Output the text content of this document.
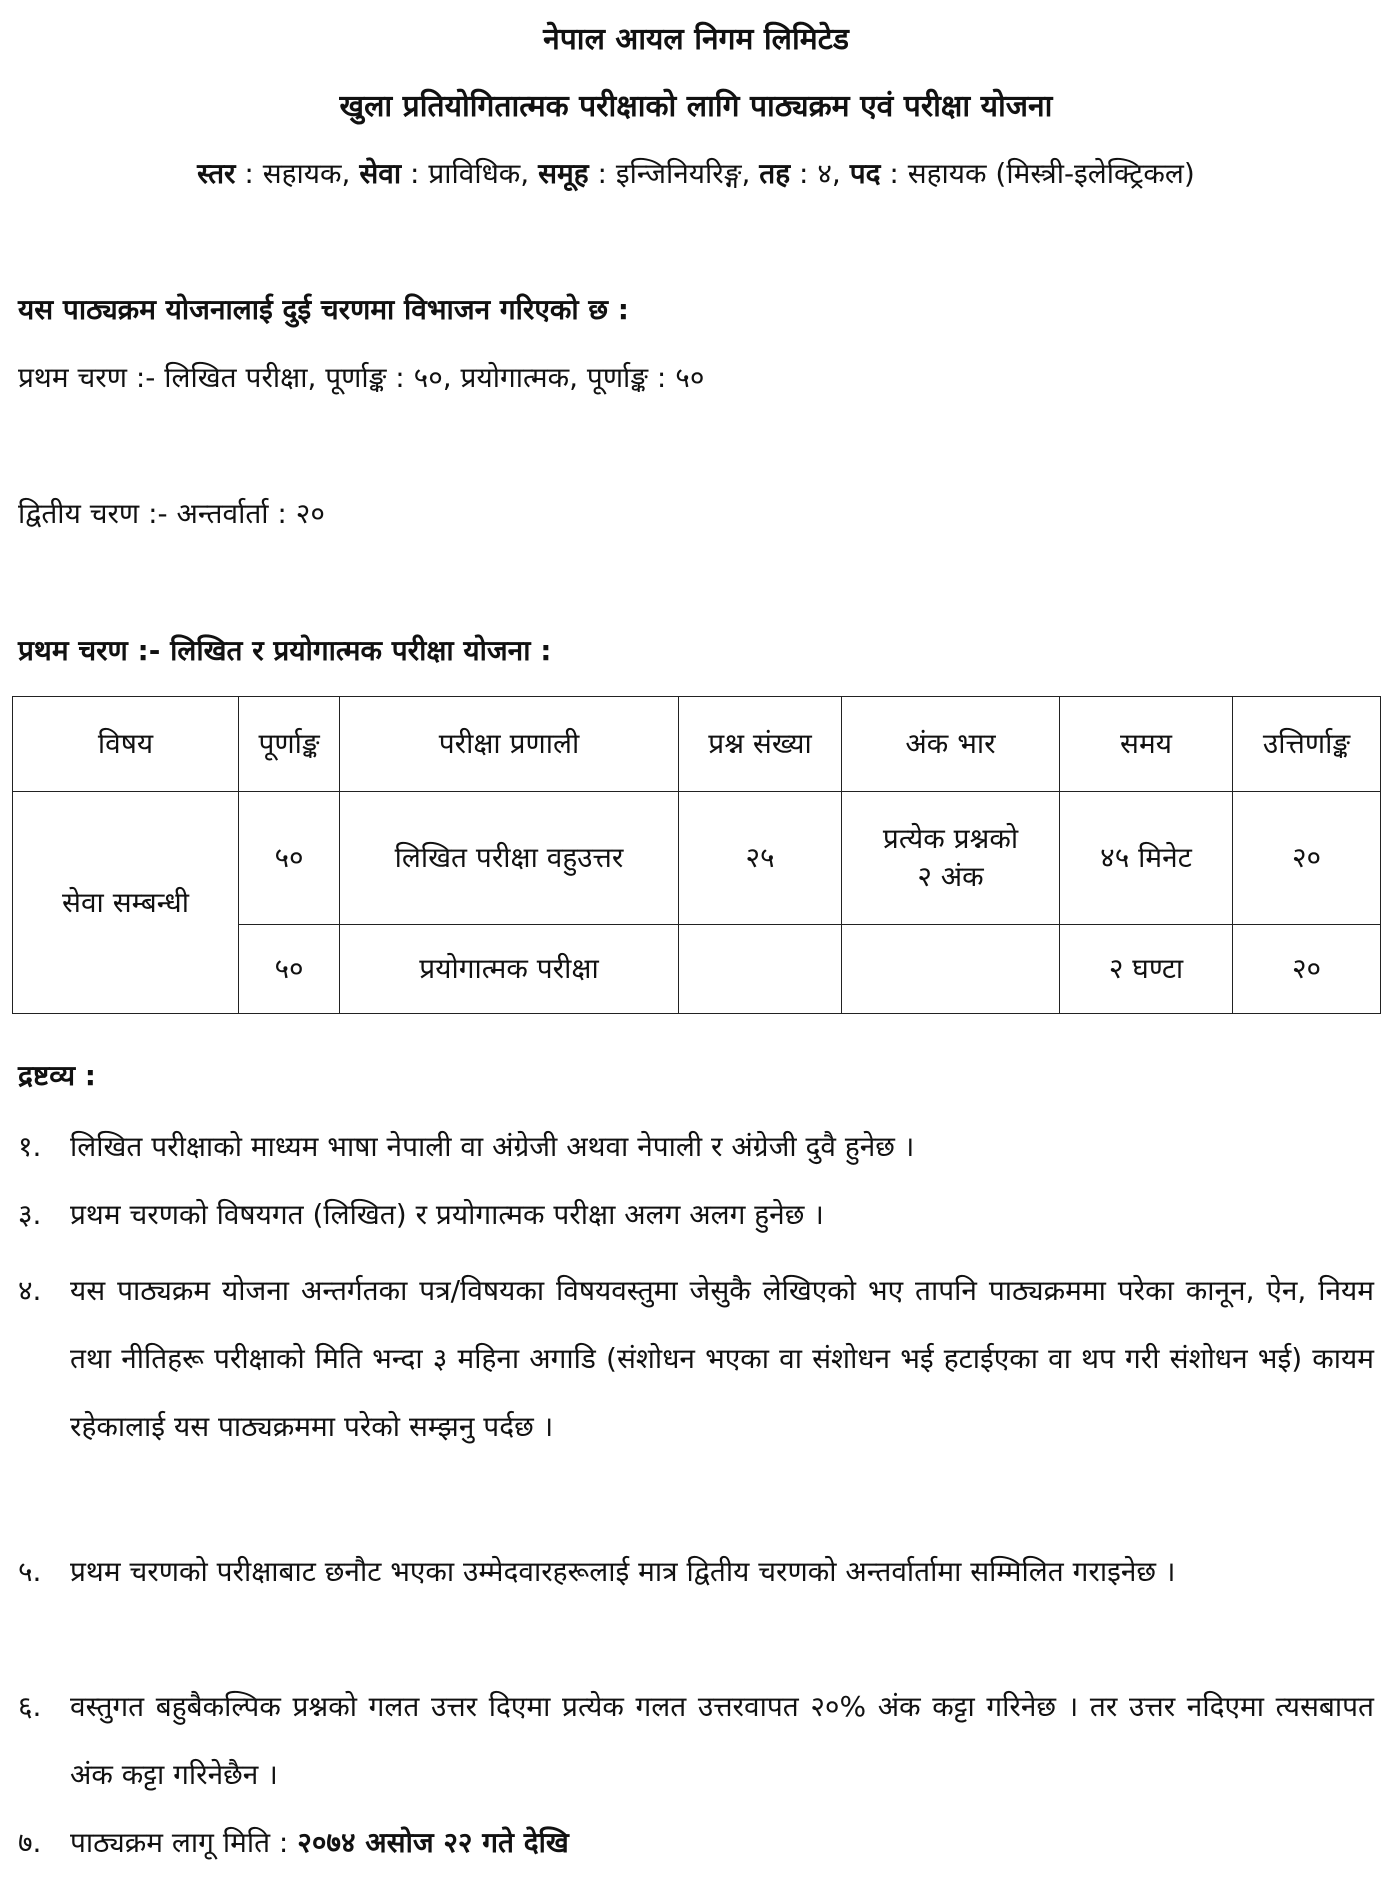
नेपाल आयल निगम लिमिटेड

खुला प्रतियोगितात्मक परीक्षाको लागि पाठ्यक्रम एवं परीक्षा योजना

स्तर : सहायक, सेवा : प्राविधिक, समूह : इन्जिनियरिङ्ग, तह : ४, पद : सहायक (मिस्त्री-इलेक्ट्रिकल)

यस पाठ्यक्रम योजनालाई दुई चरणमा विभाजन गरिएको छ :

प्रथम चरण :- लिखित परीक्षा, पूर्णाङ्क : ५०, प्रयोगात्मक, पूर्णाङ्क : ५०

द्वितीय चरण :- अन्तर्वार्ता : २०

प्रथम चरण :- लिखित र प्रयोगात्मक परीक्षा योजना :

विषय	पूर्णाङ्क	परीक्षा प्रणाली	प्रश्न संख्या	अंक भार	समय	उत्तिर्णाङ्क
सेवा सम्बन्धी	५०	लिखित परीक्षा वहुउत्तर	२५	प्रत्येक प्रश्नको
२ अंक	४५ मिनेट	२०
	५०	प्रयोगात्मक परीक्षा			२ घण्टा	२०

द्रष्टव्य :

१.	लिखित परीक्षाको माध्यम भाषा नेपाली वा अंग्रेजी अथवा नेपाली र अंग्रेजी दुवै हुनेछ ।
३.	प्रथम चरणको विषयगत (लिखित) र प्रयोगात्मक परीक्षा अलग अलग हुनेछ ।
४.	यस पाठ्यक्रम योजना अन्तर्गतका पत्र/विषयका विषयवस्तुमा जेसुकै लेखिएको भए तापनि पाठ्यक्रममा परेका कानून, ऐन, नियम तथा नीतिहरू परीक्षाको मिति भन्दा ३ महिना अगाडि (संशोधन भएका वा संशोधन भई हटाईएका वा थप गरी संशोधन भई) कायम रहेकालाई यस पाठ्यक्रममा परेको सम्झनु पर्दछ ।
५.	प्रथम चरणको परीक्षाबाट छनौट भएका उम्मेदवारहरूलाई मात्र द्वितीय चरणको अन्तर्वार्तामा सम्मिलित गराइनेछ ।
६.	वस्तुगत बहुबैकल्पिक प्रश्नको गलत उत्तर दिएमा प्रत्येक गलत उत्तरवापत २०% अंक कट्टा गरिनेछ । तर उत्तर नदिएमा त्यसबापत अंक कट्टा गरिनेछैन ।
७.	पाठ्यक्रम लागू मिति : २०७४ असोज २२ गते देखि
